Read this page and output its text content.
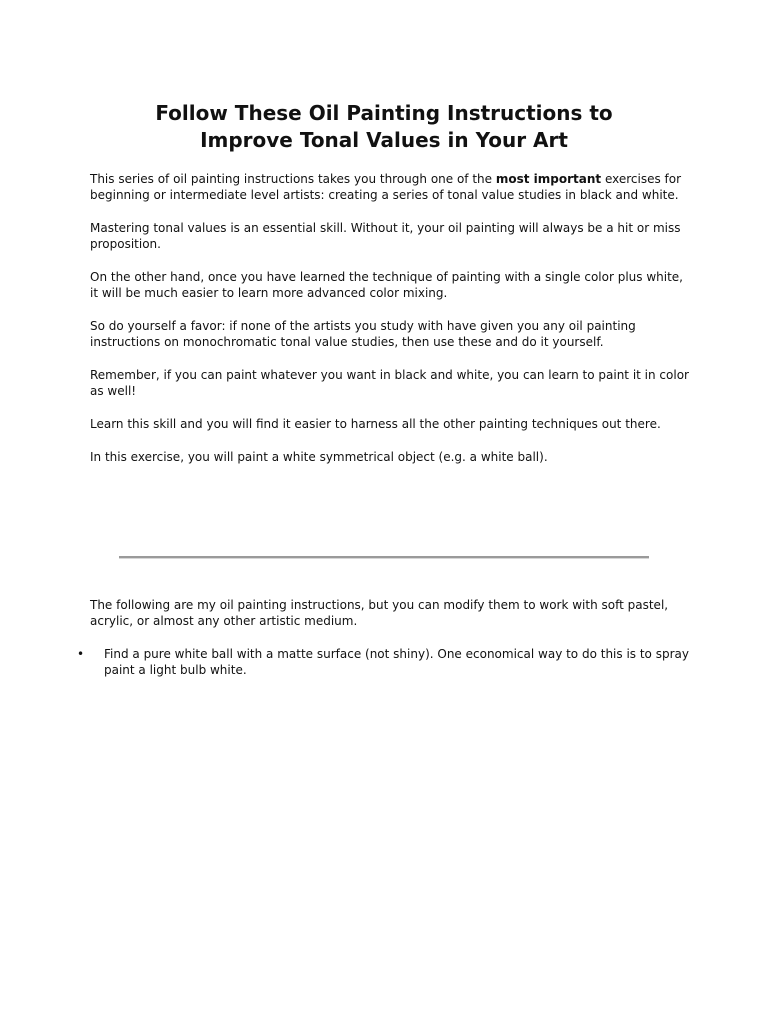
Follow These Oil Painting Instructions to
Improve Tonal Values in Your Art

This series of oil painting instructions takes you through one of the most important exercises for beginning or intermediate level artists: creating a series of tonal value studies in black and white.

Mastering tonal values is an essential skill. Without it, your oil painting will always be a hit or miss proposition.

On the other hand, once you have learned the technique of painting with a single color plus white, it will be much easier to learn more advanced color mixing.

So do yourself a favor: if none of the artists you study with have given you any oil painting instructions on monochromatic tonal value studies, then use these and do it yourself.

Remember, if you can paint whatever you want in black and white, you can learn to paint it in color as well!

Learn this skill and you will find it easier to harness all the other painting techniques out there.

In this exercise, you will paint a white symmetrical object (e.g. a white ball).

The following are my oil painting instructions, but you can modify them to work with soft pastel, acrylic, or almost any other artistic medium.

• Find a pure white ball with a matte surface (not shiny). One economical way to do this is to spray paint a light bulb white.
